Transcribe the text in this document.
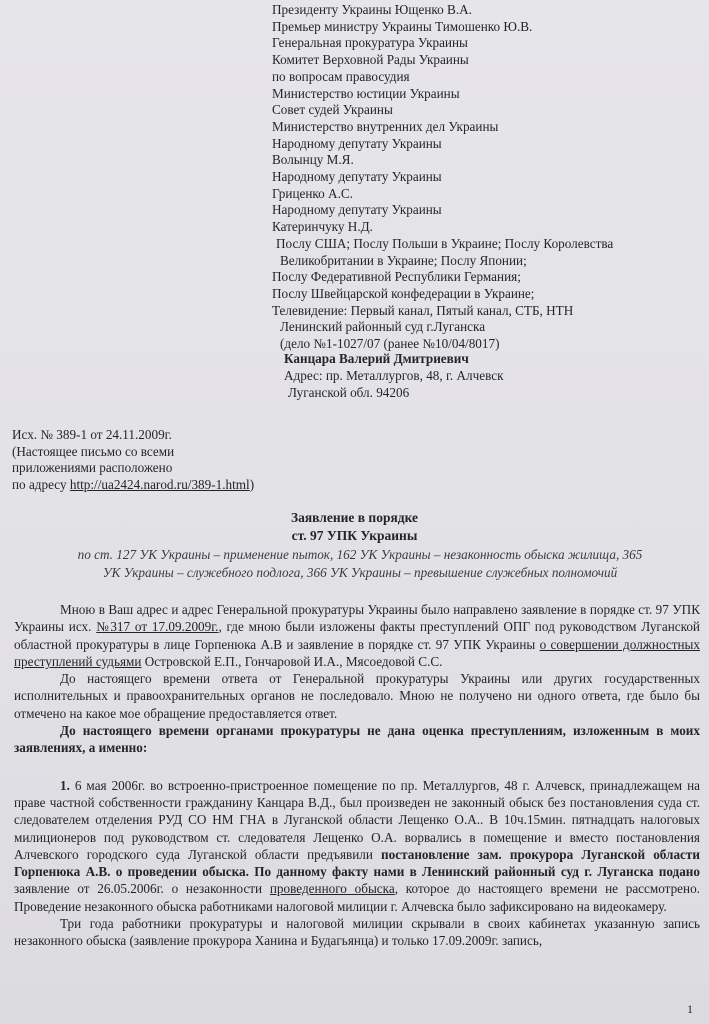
Президенту Украины Ющенко В.А.
Премьер министру Украины Тимошенко Ю.В.
Генеральная прокуратура Украины
Комитет Верховной Рады Украины
по вопросам правосудия
Министерство юстиции Украины
Совет судей Украины
Министерство внутренних дел Украины
Народному депутату Украины
Волынцу М.Я.
Народному депутату Украины
Гриценко А.С.
Народному депутату Украины
Катеринчуку Н.Д.
Послу США; Послу Польши в Украине; Послу Королевства
Великобритании в Украине; Послу Японии;
Послу Федеративной Республики Германия;
Послу Швейцарской конфедерации в Украине;
Телевидение: Первый канал, Пятый канал, СТБ, НТН
Ленинский районный суд г.Луганска
(дело №1-1027/07 (ранее №10/04/8017)
Канцара Валерий Дмитриевич
Адрес: пр. Металлургов, 48, г. Алчевск
Луганской обл. 94206
Исх. № 389-1 от 24.11.2009г.
(Настоящее письмо со всеми
приложениями расположено
по адресу http://ua2424.narod.ru/389-1.html)
Заявление в порядке
ст. 97 УПК Украины
по ст. 127 УК Украины – применение пыток, 162 УК Украины – незаконность обыска жилища, 365
УК Украины – служебного подлога, 366 УК Украины – превышение служебных полномочий

Мною в Ваш адрес и адрес Генеральной прокуратуры Украины было направлено заявление в порядке ст. 97 УПК Украины исх. №317 от 17.09.2009г., где мною были изложены факты преступлений ОПГ под руководством Луганской областной прокуратуры в лице Горпенюка А.В и заявление в порядке ст. 97 УПК Украины о совершении должностных преступлений судьями Островской Е.П., Гончаровой И.А., Мясоедовой С.С.

До настоящего времени ответа от Генеральной прокуратуры Украины или других государственных исполнительных и правоохранительных органов не последовало. Мною не получено ни одного ответа, где было бы отмечено на какое мое обращение предоставляется ответ.

До настоящего времени органами прокуратуры не дана оценка преступлениям, изложенным в моих заявлениях, а именно:

1. 6 мая 2006г. во встроенно-пристроенное помещение по пр. Металлургов, 48 г. Алчевск, принадлежащем на праве частной собственности гражданину Канцара В.Д., был произведен не законный обыск без постановления суда ст. следователем отделения РУД СО НМ ГНА в Луганской области Лещенко О.А.. В 10ч.15мин. пятнадцать налоговых милиционеров под руководством ст. следователя Лещенко О.А. ворвались в помещение и вместо постановления Алчевского городского суда Луганской области предъявили постановление зам. прокурора Луганской области Горпенюка А.В. о проведении обыска. По данному факту нами в Ленинский районный суд г. Луганска подано заявление от 26.05.2006г. о незаконности проведенного обыска, которое до настоящего времени не рассмотрено. Проведение незаконного обыска работниками налоговой милиции г. Алчевска было зафиксировано на видеокамеру.

Три года работники прокуратуры и налоговой милиции скрывали в своих кабинетах указанную запись незаконного обыска (заявление прокурора Ханина и Будагьянца) и только 17.09.2009г. запись,

1
